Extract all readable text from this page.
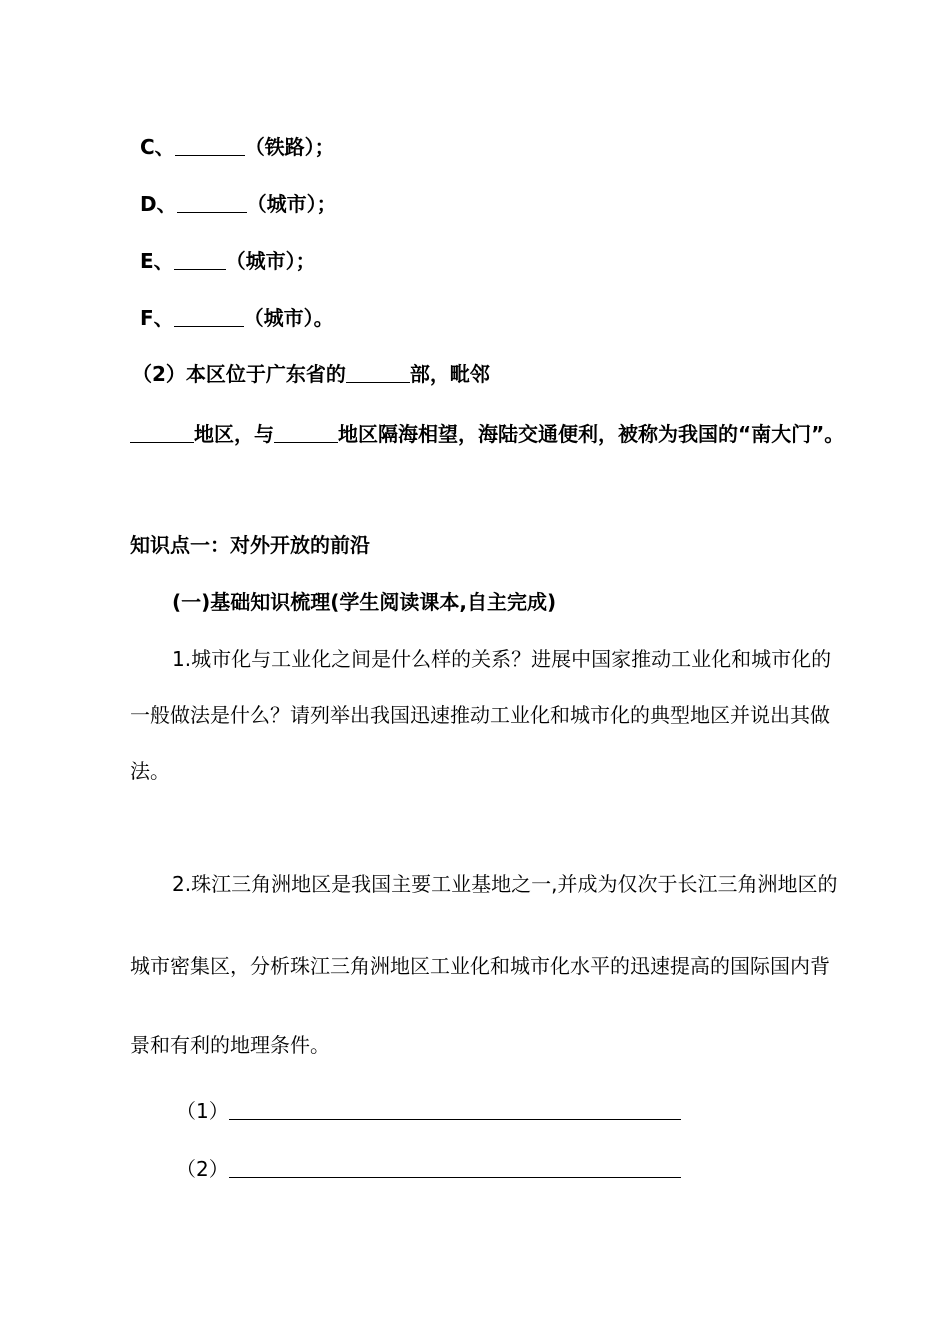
C、	（铁路）；
D、	（城市）；
E、	（城市）；
F、	（城市）。
（2）本区位于广东省的	部，毗邻
地区，与	地区隔海相望，海陆交通便利，被称为我国的“南大门”。
知识点一：对外开放的前沿
(一)基础知识梳理(学生阅读课本,自主完成)
1.城市化与工业化之间是什么样的关系？进展中国家推动工业化和城市化的
一般做法是什么？请列举出我国迅速推动工业化和城市化的典型地区并说出其做
法。
2.珠江三角洲地区是我国主要工业基地之一,并成为仅次于长江三角洲地区的
城市密集区，分析珠江三角洲地区工业化和城市化水平的迅速提高的国际国内背
景和有利的地理条件。
（1）
（2）
